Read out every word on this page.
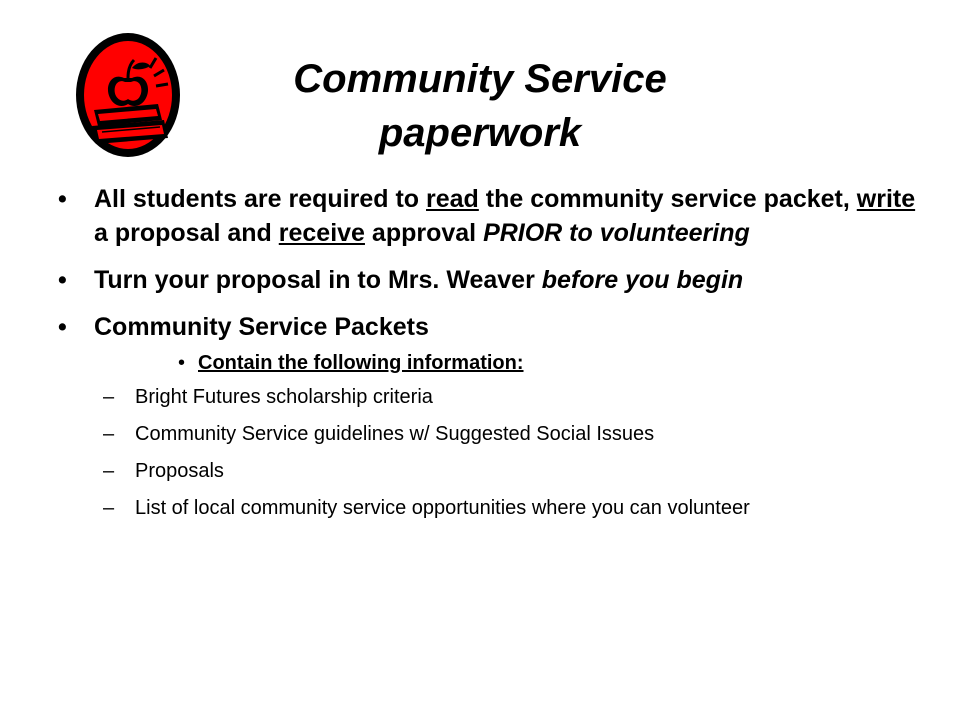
Community Service
paperwork
• All students are required to read the community service packet, write a proposal and receive approval PRIOR to volunteering
• Turn your proposal in to Mrs. Weaver before you begin
• Community Service Packets
• Contain the following information:
– Bright Futures scholarship criteria
– Community Service guidelines w/ Suggested Social Issues
– Proposals
– List of local community service opportunities where you can volunteer
